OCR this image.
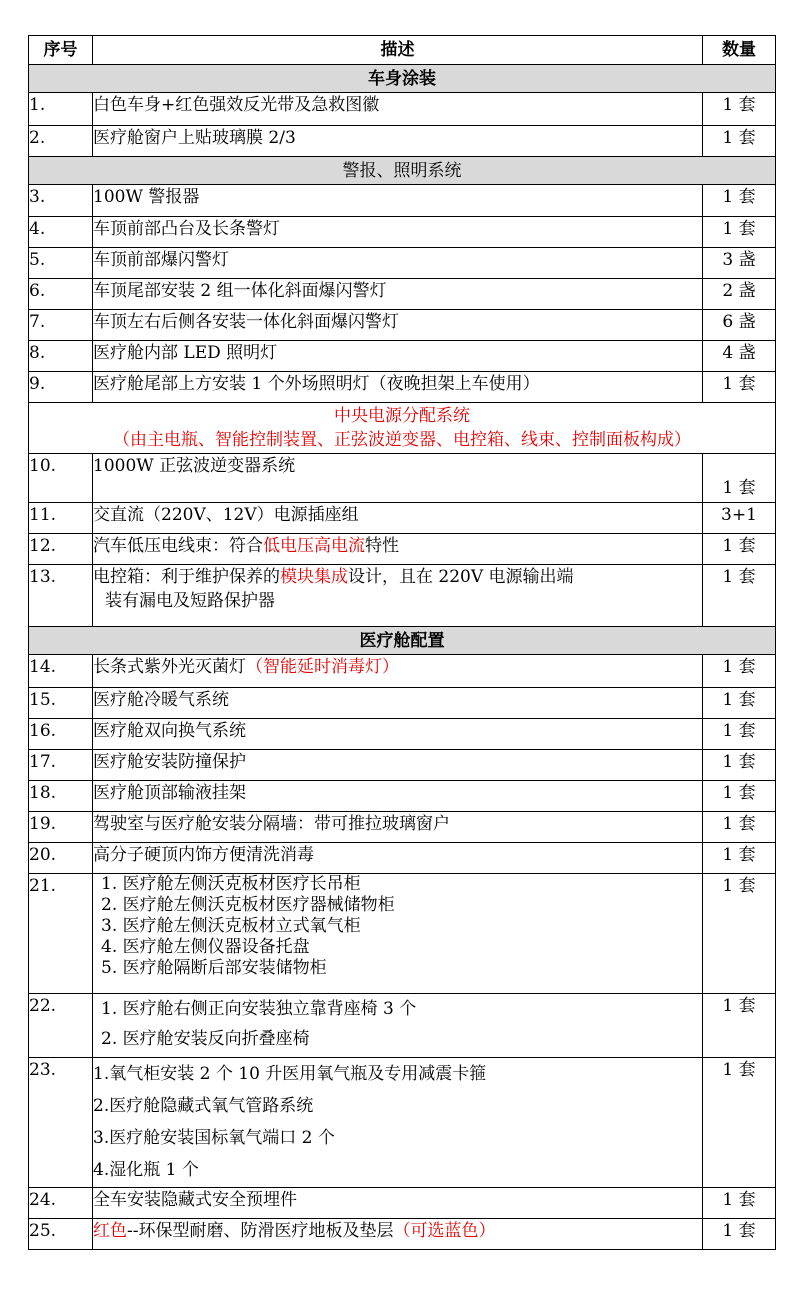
序号	描述	数量
车身涂装		
1.	白色车身+红色强效反光带及急救图徽	1 套
2.	医疗舱窗户上贴玻璃膜 2/3	1 套
警报、照明系统		
3.	100W 警报器	1 套
4.	车顶前部凸台及长条警灯	1 套
5.	车顶前部爆闪警灯	3 盏
6.	车顶尾部安装 2 组一体化斜面爆闪警灯	2 盏
7.	车顶左右后侧各安装一体化斜面爆闪警灯	6 盏
8.	医疗舱内部 LED 照明灯	4 盏
9.	医疗舱尾部上方安装 1 个外场照明灯（夜晚担架上车使用）	1 套

中央电源分配系统
（由主电瓶、智能控制装置、正弦波逆变器、电控箱、线束、控制面板构成）		

10.	1000W 正弦波逆变器系统	1 套
11.	交直流（220V、12V）电源插座组	3+1
12.	汽车低压电线束：符合低电压高电流特性	1 套
13.	电控箱：利于维护保养的模块集成设计，且在 220V 电源输出端
装有漏电及短路保护器	1 套
医疗舱配置		
14.	长条式紫外光灭菌灯（智能延时消毒灯）	1 套
15.	医疗舱冷暖气系统	1 套
16.	医疗舱双向换气系统	1 套
17.	医疗舱安装防撞保护	1 套
18.	医疗舱顶部输液挂架	1 套
19.	驾驶室与医疗舱安装分隔墙：带可推拉玻璃窗户	1 套
20.	高分子硬顶内饰方便清洗消毒	1 套
21.	1. 医疗舱左侧沃克板材医疗长吊柜
2. 医疗舱左侧沃克板材医疗器械储物柜
3. 医疗舱左侧沃克板材立式氧气柜
4. 医疗舱左侧仪器设备托盘
5. 医疗舱隔断后部安装储物柜	1 套
22.	1. 医疗舱右侧正向安装独立靠背座椅 3 个
2. 医疗舱安装反向折叠座椅	1 套
23.	1.氧气柜安装 2 个 10 升医用氧气瓶及专用减震卡箍
2.医疗舱隐藏式氧气管路系统
3.医疗舱安装国标氧气端口 2 个
4.湿化瓶 1 个	1 套
24.	全车安装隐藏式安全预埋件	1 套
25.	红色--环保型耐磨、防滑医疗地板及垫层（可选蓝色）	1 套
